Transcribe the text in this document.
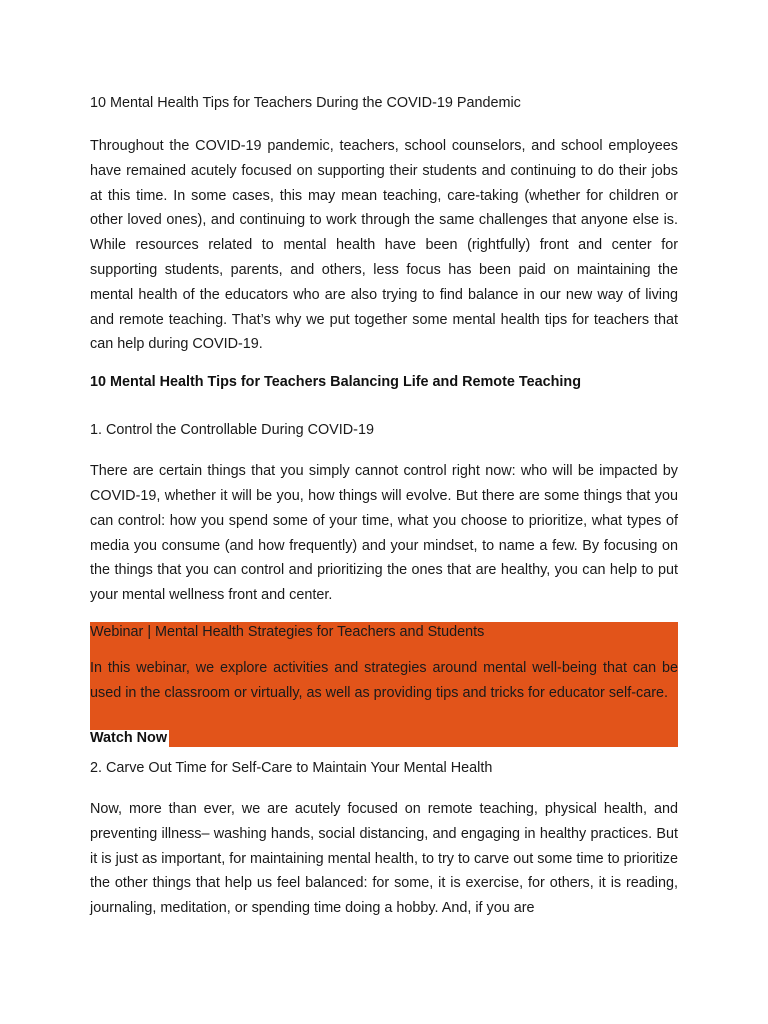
10 Mental Health Tips for Teachers During the COVID-19 Pandemic

Throughout the COVID-19 pandemic, teachers, school counselors, and school employees have remained acutely focused on supporting their students and continuing to do their jobs at this time. In some cases, this may mean teaching, care-taking (whether for children or other loved ones), and continuing to work through the same challenges that anyone else is. While resources related to mental health have been (rightfully) front and center for supporting students, parents, and others, less focus has been paid on maintaining the mental health of the educators who are also trying to find balance in our new way of living and remote teaching. That’s why we put together some mental health tips for teachers that can help during COVID-19.

10 Mental Health Tips for Teachers Balancing Life and Remote Teaching
1. Control the Controllable During COVID-19

There are certain things that you simply cannot control right now: who will be impacted by COVID-19, whether it will be you, how things will evolve. But there are some things that you can control: how you spend some of your time, what you choose to prioritize, what types of media you consume (and how frequently) and your mindset, to name a few. By focusing on the things that you can control and prioritizing the ones that are healthy, you can help to put your mental wellness front and center.

Webinar | Mental Health Strategies for Teachers and Students

In this webinar, we explore activities and strategies around mental well-being that can be used in the classroom or virtually, as well as providing tips and tricks for educator self-care.

Watch Now
2. Carve Out Time for Self-Care to Maintain Your Mental Health

Now, more than ever, we are acutely focused on remote teaching, physical health, and preventing illness– washing hands, social distancing, and engaging in healthy practices. But it is just as important, for maintaining mental health, to try to carve out some time to prioritize the other things that help us feel balanced: for some, it is exercise, for others, it is reading, journaling, meditation, or spending time doing a hobby. And, if you are
